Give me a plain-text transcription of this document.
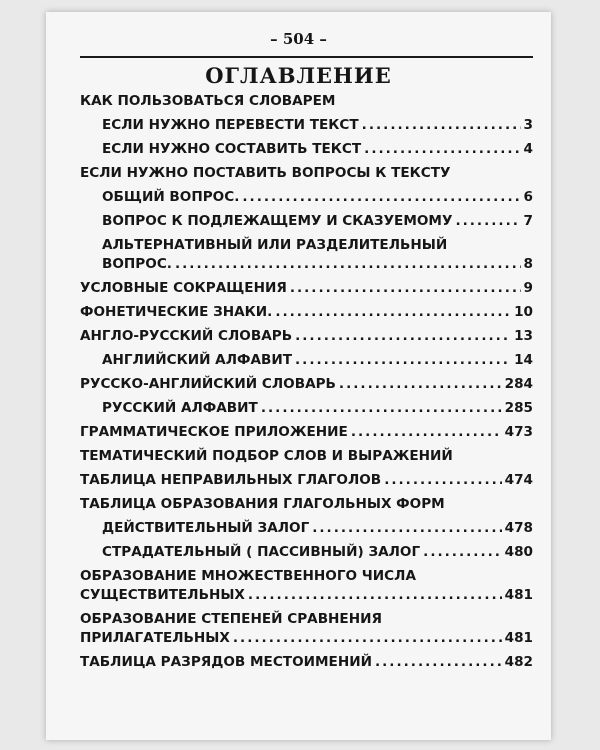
– 504 –
ОГЛАВЛЕНИЕ
КАК ПОЛЬЗОВАТЬСЯ СЛОВАРЕМ
ЕСЛИ НУЖНО ПЕРЕВЕСТИ ТЕКСТ .....	3
ЕСЛИ НУЖНО СОСТАВИТЬ ТЕКСТ .....	4
ЕСЛИ НУЖНО ПОСТАВИТЬ ВОПРОСЫ К ТЕКСТУ
ОБЩИЙ ВОПРОС. .....	6
ВОПРОС К ПОДЛЕЖАЩЕМУ И СКАЗУЕМОМУ .....	7
АЛЬТЕРНАТИВНЫЙ ИЛИ РАЗДЕЛИТЕЛЬНЫЙ
ВОПРОС. .....	8
УСЛОВНЫЕ СОКРАЩЕНИЯ .....	9
ФОНЕТИЧЕСКИЕ ЗНАКИ. .....	10
АНГЛО-РУССКИЙ СЛОВАРЬ .....	13
АНГЛИЙСКИЙ АЛФАВИТ .....	14
РУССКО-АНГЛИЙСКИЙ СЛОВАРЬ .....	284
РУССКИЙ АЛФАВИТ .....	285
ГРАММАТИЧЕСКОЕ ПРИЛОЖЕНИЕ .....	473
ТЕМАТИЧЕСКИЙ ПОДБОР СЛОВ И ВЫРАЖЕНИЙ
ТАБЛИЦА НЕПРАВИЛЬНЫХ ГЛАГОЛОВ .....	474
ТАБЛИЦА ОБРАЗОВАНИЯ ГЛАГОЛЬНЫХ ФОРМ
ДЕЙСТВИТЕЛЬНЫЙ ЗАЛОГ .....	478
СТРАДАТЕЛЬНЫЙ ( ПАССИВНЫЙ) ЗАЛОГ .....	480
ОБРАЗОВАНИЕ МНОЖЕСТВЕННОГО ЧИСЛА
СУЩЕСТВИТЕЛЬНЫХ .....	481
ОБРАЗОВАНИЕ СТЕПЕНЕЙ СРАВНЕНИЯ
ПРИЛАГАТЕЛЬНЫХ .....	481
ТАБЛИЦА РАЗРЯДОВ МЕСТОИМЕНИЙ .....	482
